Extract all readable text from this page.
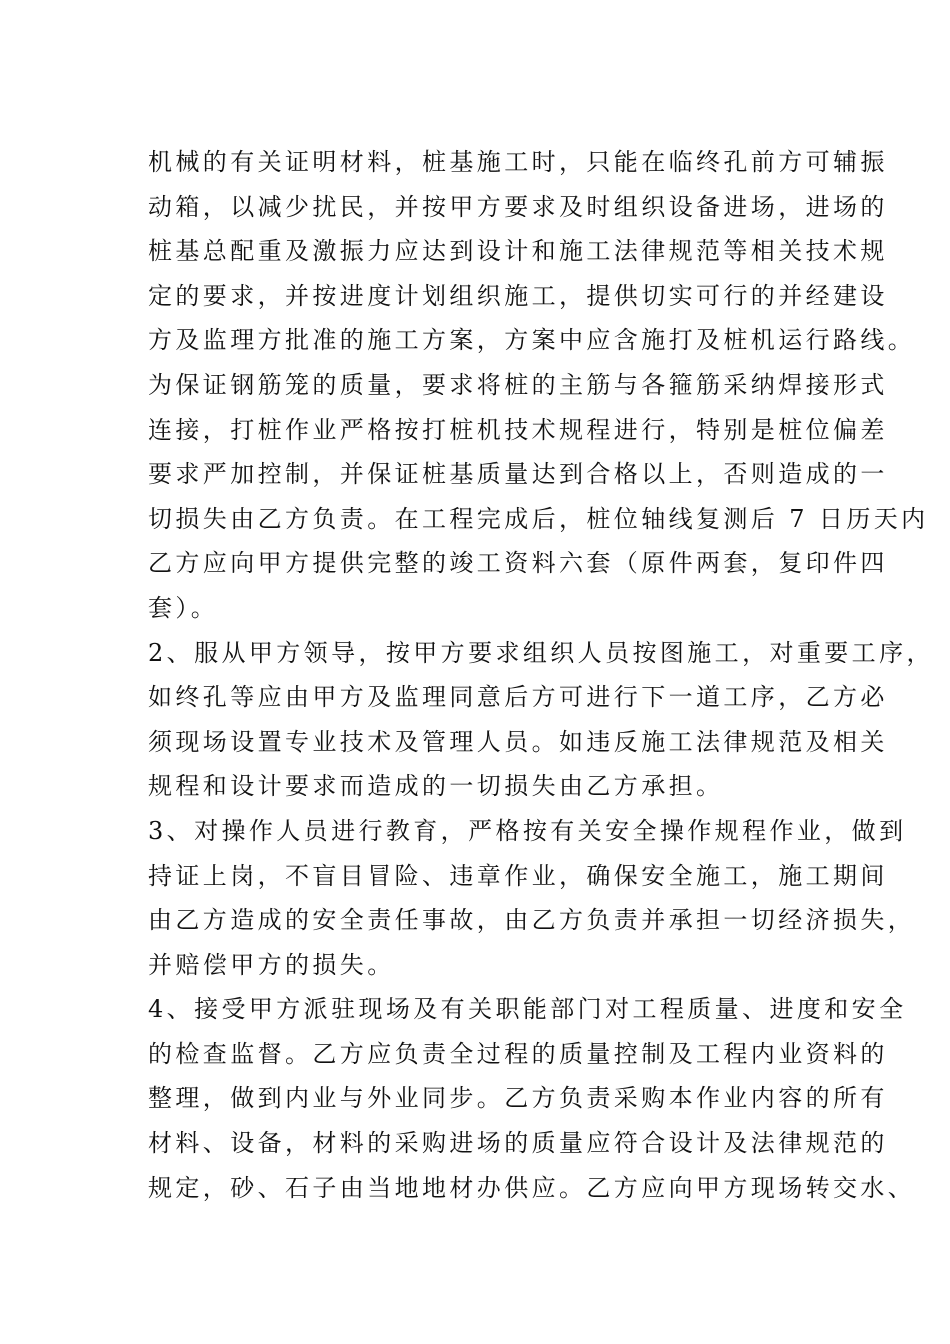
机械的有关证明材料，桩基施工时，只能在临终孔前方可辅振
动箱，以减少扰民，并按甲方要求及时组织设备进场，进场的
桩基总配重及激振力应达到设计和施工法律规范等相关技术规
定的要求，并按进度计划组织施工，提供切实可行的并经建设
方及监理方批准的施工方案，方案中应含施打及桩机运行路线。
为保证钢筋笼的质量，要求将桩的主筋与各箍筋采纳焊接形式
连接，打桩作业严格按打桩机技术规程进行，特别是桩位偏差
要求严加控制，并保证桩基质量达到合格以上，否则造成的一
切损失由乙方负责。在工程完成后，桩位轴线复测后 7 日历天内
乙方应向甲方提供完整的竣工资料六套（原件两套，复印件四
套）。
2、服从甲方领导，按甲方要求组织人员按图施工，对重要工序，
如终孔等应由甲方及监理同意后方可进行下一道工序，乙方必
须现场设置专业技术及管理人员。如违反施工法律规范及相关
规程和设计要求而造成的一切损失由乙方承担。
3、对操作人员进行教育，严格按有关安全操作规程作业，做到
持证上岗，不盲目冒险、违章作业，确保安全施工，施工期间
由乙方造成的安全责任事故，由乙方负责并承担一切经济损失，
并赔偿甲方的损失。
4、接受甲方派驻现场及有关职能部门对工程质量、进度和安全
的检查监督。乙方应负责全过程的质量控制及工程内业资料的
整理，做到内业与外业同步。乙方负责采购本作业内容的所有
材料、设备，材料的采购进场的质量应符合设计及法律规范的
规定，砂、石子由当地地材办供应。乙方应向甲方现场转交水、
